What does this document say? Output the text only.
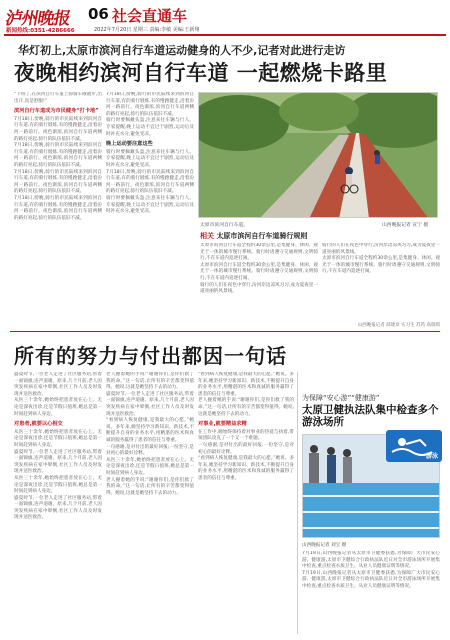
泸州晚报 06 社会直通车
新闻热线:0351-4286666	2022年7月20日 星期三 责编:李敏 美编:王新翔
华灯初上,太原市滨河自行车道运动健身的人不少,记者对此进行走访
夜晚相约滨河自行车道 一起燃烧卡路里

“下班了,在滨河自行车道上骑骑车散散步,出出汗,真是舒服!”

滨河自行车道成为市民健身“打卡地”

7月18日,傍晚,骑行的市民陆续来到滨河自行车道,有的骑行锻炼,有的慢跑健走,沿着汾河一路前行。夜色渐浓,滨河自行车道两侧的路灯亮起,骑行的队伍依旧不减。

7月18日,傍晚,骑行的市民陆续来到滨河自行车道,有的骑行锻炼,有的慢跑健走,沿着汾河一路前行。夜色渐浓,滨河自行车道两侧的路灯亮起,骑行的队伍依旧不减。

7月18日,傍晚,骑行的市民陆续来到滨河自行车道,有的骑行锻炼,有的慢跑健走,沿着汾河一路前行。夜色渐浓,滨河自行车道两侧的路灯亮起,骑行的队伍依旧不减。

7月18日,傍晚,骑行的市民陆续来到滨河自行车道,有的骑行锻炼,有的慢跑健走,沿着汾河一路前行。夜色渐浓,滨河自行车道两侧的路灯亮起,骑行的队伍依旧不减。

7月18日,傍晚,骑行的市民陆续来到滨河自行车道,有的骑行锻炼,有的慢跑健走,沿着汾河一路前行。夜色渐浓,滨河自行车道两侧的路灯亮起,骑行的队伍依旧不减。

骑行时要佩戴头盔,注意来往车辆与行人。专家提醒,晚上运动不宜过于剧烈,运动后及时补充水分,避免受凉。

晚上运动要注意这些

骑行时要佩戴头盔,注意来往车辆与行人。专家提醒,晚上运动不宜过于剧烈,运动后及时补充水分,避免受凉。

7月18日,傍晚,骑行的市民陆续来到滨河自行车道,有的骑行锻炼,有的慢跑健走,沿着汾河一路前行。夜色渐浓,滨河自行车道两侧的路灯亮起,骑行的队伍依旧不减。

骑行时要佩戴头盔,注意来往车辆与行人。专家提醒,晚上运动不宜过于剧烈,运动后及时补充水分,避免受凉。

太原市滨河自行车道。	山西晚报记者 宣宁 摄
相关 太原市滨河自行车道骑行规则

太原市滨河自行车道全程约30余公里,是集健身、休闲、观光于一体的城市慢行系统。骑行时请遵守交通规则,文明骑行,不在车道内追逐打闹。

太原市滨河自行车道全程约30余公里,是集健身、休闲、观光于一体的城市慢行系统。骑行时请遵守交通规则,文明骑行,不在车道内追逐打闹。

骑行的人们在夜色中穿行,汾河岸边凉风习习,成为夏夜里一道亮丽的风景线。

骑行的人们在夜色中穿行,汾河岸边凉风习习,成为夏夜里一道亮丽的风景线。

太原市滨河自行车道全程约30余公里,是集健身、休闲、观光于一体的城市慢行系统。骑行时请遵守交通规则,文明骑行,不在车道内追逐打闹。

山西晚报记者 薛建章 实习生 苏芮 高瑞琪
所有的努力与付出都因一句话

盛夏时节,一位老人走进了社区服务站,带着一面锦旗,连声道谢。原来,几个月前,老人因突发疾病在家中晕倒,社区工作人员及时发现并送医救治。

从医三十余年,她始终把患者放在心上。无论是深夜出诊,还是节假日值班,她总是第一时间赶到病人身边。

对患者,就要以心相交

从医三十余年,她始终把患者放在心上。无论是深夜出诊,还是节假日值班,她总是第一时间赶到病人身边。

盛夏时节,一位老人走进了社区服务站,带着一面锦旗,连声道谢。原来,几个月前,老人因突发疾病在家中晕倒,社区工作人员及时发现并送医救治。

从医三十余年,她始终把患者放在心上。无论是深夜出诊,还是节假日值班,她总是第一时间赶到病人身边。

盛夏时节,一位老人走进了社区服务站,带着一面锦旗,连声道谢。原来,几个月前,老人因突发疾病在家中晕倒,社区工作人员及时发现并送医救治。

老人握着她的手说:“谢谢你们,是你们救了我的命。”这一句话,让所有的辛苦都变得值得。她说,这就是她坚持下去的动力。

盛夏时节,一位老人走进了社区服务站,带着一面锦旗,连声道谢。原来,几个月前,老人因突发疾病在家中晕倒,社区工作人员及时发现并送医救治。

“看到病人恢复健康,是我最大的心愿。”她说。多年来,她坚持学习新知识、新技术,不断提升自身的业务水平,用精湛的医术和真诚的服务赢得了患者的信任与尊重。

一句感谢,是对付出的最好回报;一份坚守,是对初心的最好诠释。

从医三十余年,她始终把患者放在心上。无论是深夜出诊,还是节假日值班,她总是第一时间赶到病人身边。

老人握着她的手说:“谢谢你们,是你们救了我的命。”这一句话,让所有的辛苦都变得值得。她说,这就是她坚持下去的动力。

“看到病人恢复健康,是我最大的心愿。”她说。多年来,她坚持学习新知识、新技术,不断提升自身的业务水平,用精湛的医术和真诚的服务赢得了患者的信任与尊重。

老人握着她的手说:“谢谢你们,是你们救了我的命。”这一句话,让所有的辛苦都变得值得。她说,这就是她坚持下去的动力。

对事业,就要精益求精

在工作中,她始终保持着对事业的热爱与执着,带领团队攻克了一个又一个难题。

一句感谢,是对付出的最好回报;一份坚守,是对初心的最好诠释。

“看到病人恢复健康,是我最大的心愿。”她说。多年来,她坚持学习新知识、新技术,不断提升自身的业务水平,用精湛的医术和真诚的服务赢得了患者的信任与尊重。

为保障“安心游”“健康游”
太原卫健执法队集中检查多个游泳场所
游泳
山西晚报记者 刘宝 摄

7月19日,山西晚报记者从太原市卫健委获悉,为保障广大市民安心游、健康游,太原市卫健综合行政执法队近日对全市游泳场所开展集中检查,重点检查水质卫生、从业人员健康证明等情况。

7月19日,山西晚报记者从太原市卫健委获悉,为保障广大市民安心游、健康游,太原市卫健综合行政执法队近日对全市游泳场所开展集中检查,重点检查水质卫生、从业人员健康证明等情况。
